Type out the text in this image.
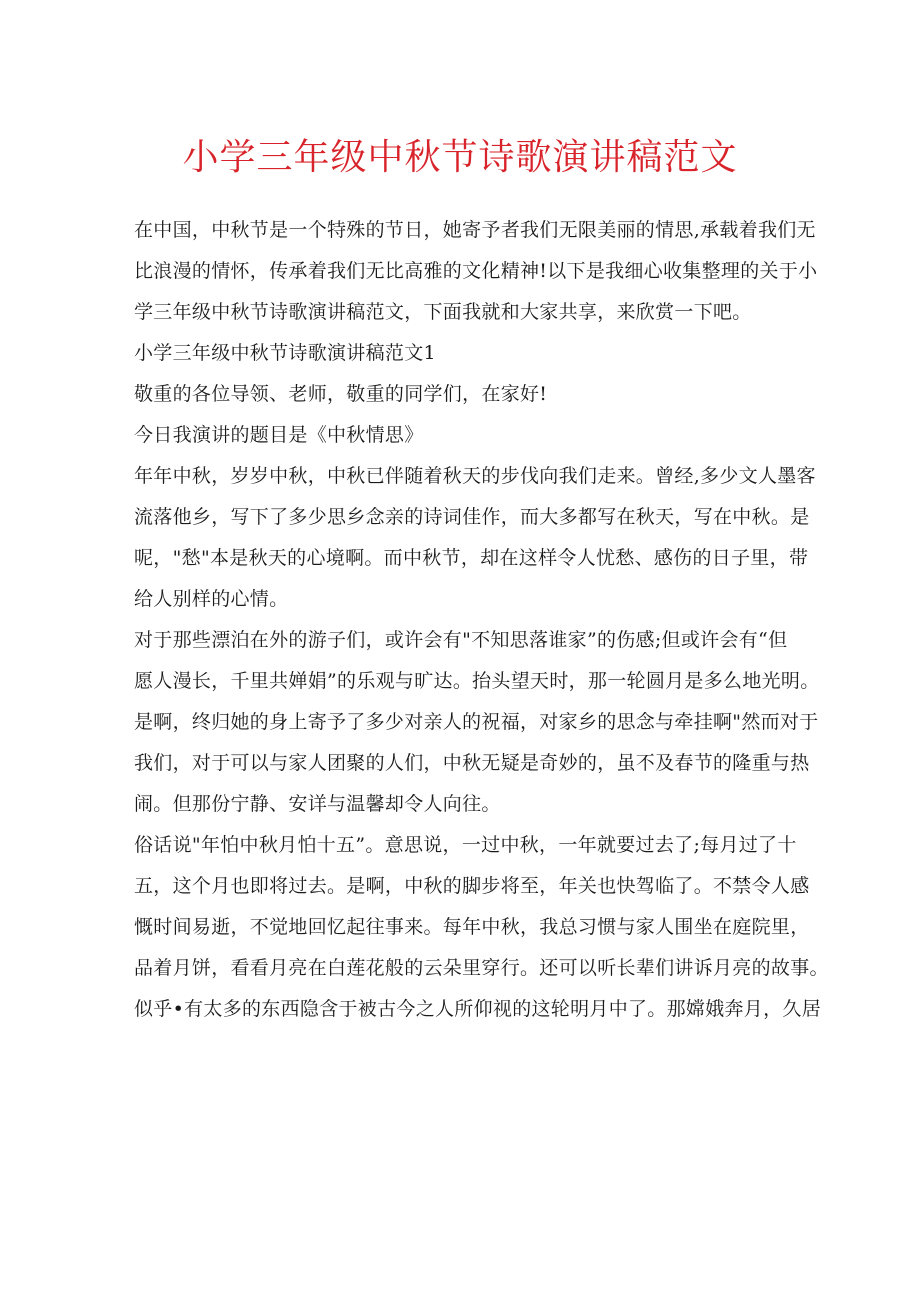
小学三年级中秋节诗歌演讲稿范文

在中国，中秋节是一个特殊的节日，她寄予者我们无限美丽的情思,承载着我们无
比浪漫的情怀，传承着我们无比高雅的文化精神!以下是我细心收集整理的关于小
学三年级中秋节诗歌演讲稿范文，下面我就和大家共享，来欣赏一下吧。

小学三年级中秋节诗歌演讲稿范文1

敬重的各位导领、老师，敬重的同学们，在家好!

今日我演讲的题目是《中秋情思》

年年中秋，岁岁中秋，中秋已伴随着秋天的步伐向我们走来。曾经,多少文人墨客
流落他乡，写下了多少思乡念亲的诗词佳作，而大多都写在秋天，写在中秋。是
呢，"愁"本是秋天的心境啊。而中秋节，却在这样令人忧愁、感伤的日子里，带
给人别样的心情。

对于那些漂泊在外的游子们，或许会有"不知思落谁家”的伤感;但或许会有“但
愿人漫长，千里共婵娟”的乐观与旷达。抬头望天时，那一轮圆月是多么地光明。
是啊，终归她的身上寄予了多少对亲人的祝福，对家乡的思念与牵挂啊"然而对于
我们，对于可以与家人团聚的人们，中秋无疑是奇妙的，虽不及春节的隆重与热
闹。但那份宁静、安详与温馨却令人向往。

俗话说"年怕中秋月怕十五”。意思说，一过中秋，一年就要过去了;每月过了十
五，这个月也即将过去。是啊，中秋的脚步将至，年关也快驾临了。不禁令人感
慨时间易逝，不觉地回忆起往事来。每年中秋，我总习惯与家人围坐在庭院里，
品着月饼，看看月亮在白莲花般的云朵里穿行。还可以听长辈们讲诉月亮的故事。
似乎•有太多的东西隐含于被古今之人所仰视的这轮明月中了。那嫦娥奔月，久居
